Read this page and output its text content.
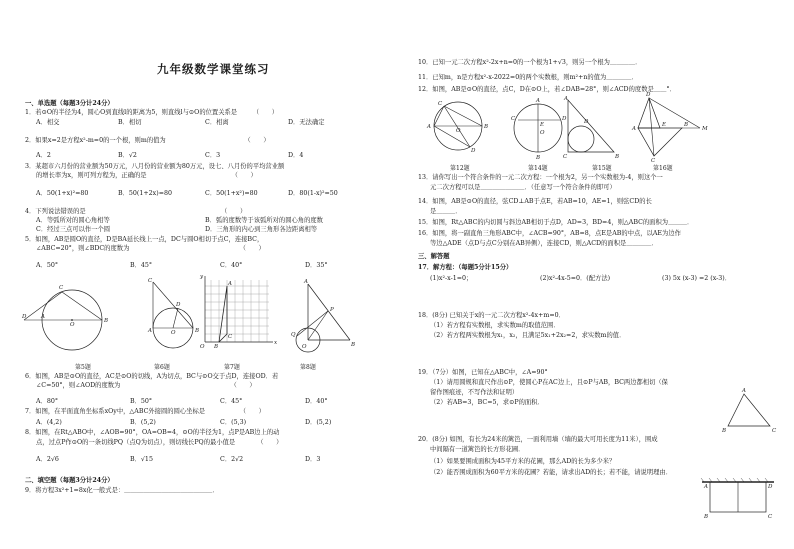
九年级数学课堂练习
一、单选题（每题3分计24分）
1．若⊙O的半径为4，圆心O到直线l的距离为5，则直线l与⊙O的位置关系是　　　（　　）
A．相交	B．相切	C．相离	D．无法确定
2．如果x=2是方程x²-m=0的一个根，则m的值为　　　　　　　　　　　　　（　　）
A．2	B．√2	C．3	D．4
3．某超市六月份的营业额为50万元，八月份的营业额为80万元，设七、八月份的平均营业额
的增长率为x，则可列方程为，正确的是　　　　　　　　　　　　　　（　　）
A．50(1+x)²=80	B．50(1+2x)=80	C．50(1+x²)=80	D．80(1-x)²=50
4．下列说法错误的是　　　　　　　　　　　　　　　　　　　　　　（　　）
A．等弧所对的圆心角相等	B．弧的度数等于该弧所对的圆心角的度数
C．经过三点可以作一个圆	D．三角形的内心到三角形各边距离相等
5．如图，AB是圆O的直径，D是BA延长线上一点，DC与圆O相切于点C，连接BC，
∠ABC=20°，则∠BDC的度数为　　　　　　　　　　　　　　　　　　（　　）
A．50°	B．45°	C．40°	D．35°
D	A
O
B
C
第5题
C
D
A	O	B
第6题
y
x
O
A
B
C
第7题
A
P
Q
O	B
第8题
6．如图，AB是⊙O的直径，AC是⊙O的切线，A为切点，BC与⊙O交于点D，连接OD．若
∠C=50°，则∠AOD的度数为　　　　　　　　　　　　　　　　　　（　　）
A．80°	B．50°	C．45°	D．40°
7．如图，在平面直角坐标系xOy中，△ABC外接圆的圆心坐标是　　　　　　（　　）
A．(4,2)	B．(5,2)	C．(5,3)	D．(5,2)
8．如图，在Rt△ABO中，∠AOB=90°，OA=OB=4，⊙O的半径为1，点P是AB边上的动
点，过点P作⊙O的一条切线PQ（点Q为切点），则切线长PQ的最小值是　　　　（　　）
A．2√6	B．√15	C．2√2	D．3
二、填空题（每题3分计24分）
9．将方程3x²+1=8x化一般式是：＿＿＿＿＿＿＿＿＿＿＿＿＿＿．
10．已知一元二次方程x²-2x+n=0的一个根为1+√3，则另一个根为＿＿＿＿．
11．已知m，n是方程x²-x-2022=0的两个实数根，则m²+n的值为＿＿＿＿．
12．如图，AB是⊙O的直径，点C，D在⊙O上，若∠DAB=28°，则∠ACD的度数是＿＿°．
C
A
O
B
D
第12题
A
C	D
E
O
B
第14题
A
D
C	B
第15题
D
A
E	B
M
C
第16题
13．请你写出一个符合条件的一元二次方程：一个根为2，另一个实数根为-4，则这个一
元二次方程可以是＿＿＿＿＿＿＿．（任意写一个符合条件的即可）
14．如图，AB是⊙O的直径，弦CD⊥AB于点E，若AB=10，AE=1，则弦CD的长
是＿＿＿．
15．如图，Rt△ABC的内切圆与斜边AB相切于点D，AD=3，BD=4，则△ABC的面积为＿＿＿．
16．如图，将一副直角三角形ABC中，∠ACB=90°，AB=8，点E是AB的中点，以AE为边作
等边△ADE（点D与点C分别在AB异侧），连接CD，则△ACD的面积是＿＿＿＿．
三、解答题
17．解方程：（每题5分计15分）
(1)x²-x-1=0；	(2)x²-4x-5=0．(配方法)	(3) 5x (x-3) =2 (x-3)．
18．(8分) 已知关于x的一元二次方程x²-4x+m=0．
（1）若方程有实数根，求实数m的取值范围．
（2）若方程两实数根为x₁，x₂，且满足5x₁+2x₂=2，求实数m的值．
19．（7分）如图，已知在△ABC中，∠A=90°
（1）请用圆规和直尺作出⊙P，使圆心P在AC边上，且⊙P与AB，BC两边都相切（保
留作图痕迹，不写作法和证明）
（2）若AB=3，BC=5，求⊙P的面积．
A
B	C
20．(8分) 如图，有长为24米的篱笆，一面利用墙（墙的最大可用长度为11米），围成
中间隔有一道篱笆的长方形花圃．
（1）如果要围成面积为45平方米的花圃，那么AD的长为多少米？
（2）能否围成面积为60平方米的花圃？若能，请求出AD的长；若不能，请说明理由．
A	D
B	C
